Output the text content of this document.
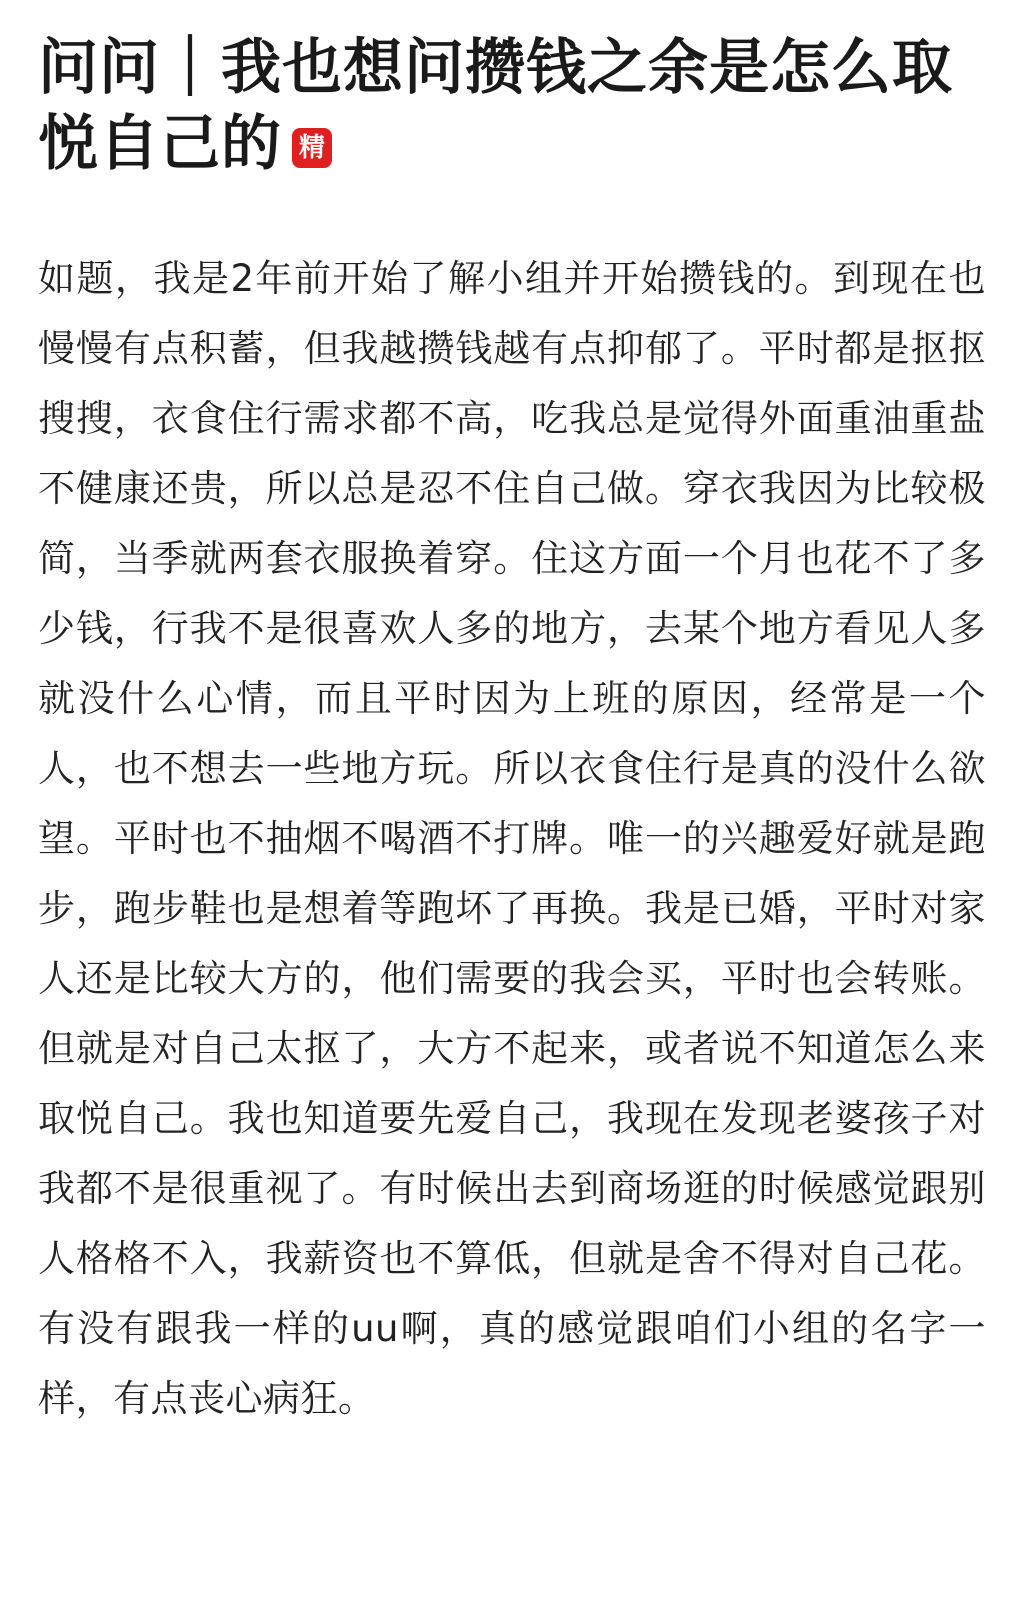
问问｜我也想问攒钱之余是怎么取悦自己的 精
如题，我是2年前开始了解小组并开始攒钱的。到现在也慢慢有点积蓄，但我越攒钱越有点抑郁了。平时都是抠抠搜搜，衣食住行需求都不高，吃我总是觉得外面重油重盐不健康还贵，所以总是忍不住自己做。穿衣我因为比较极简，当季就两套衣服换着穿。住这方面一个月也花不了多少钱，行我不是很喜欢人多的地方，去某个地方看见人多就没什么心情，而且平时因为上班的原因，经常是一个人，也不想去一些地方玩。所以衣食住行是真的没什么欲望。平时也不抽烟不喝酒不打牌。唯一的兴趣爱好就是跑步，跑步鞋也是想着等跑坏了再换。我是已婚，平时对家人还是比较大方的，他们需要的我会买，平时也会转账。但就是对自己太抠了，大方不起来，或者说不知道怎么来取悦自己。我也知道要先爱自己，我现在发现老婆孩子对我都不是很重视了。有时候出去到商场逛的时候感觉跟别人格格不入，我薪资也不算低，但就是舍不得对自己花。有没有跟我一样的uu啊，真的感觉跟咱们小组的名字一样，有点丧心病狂。
